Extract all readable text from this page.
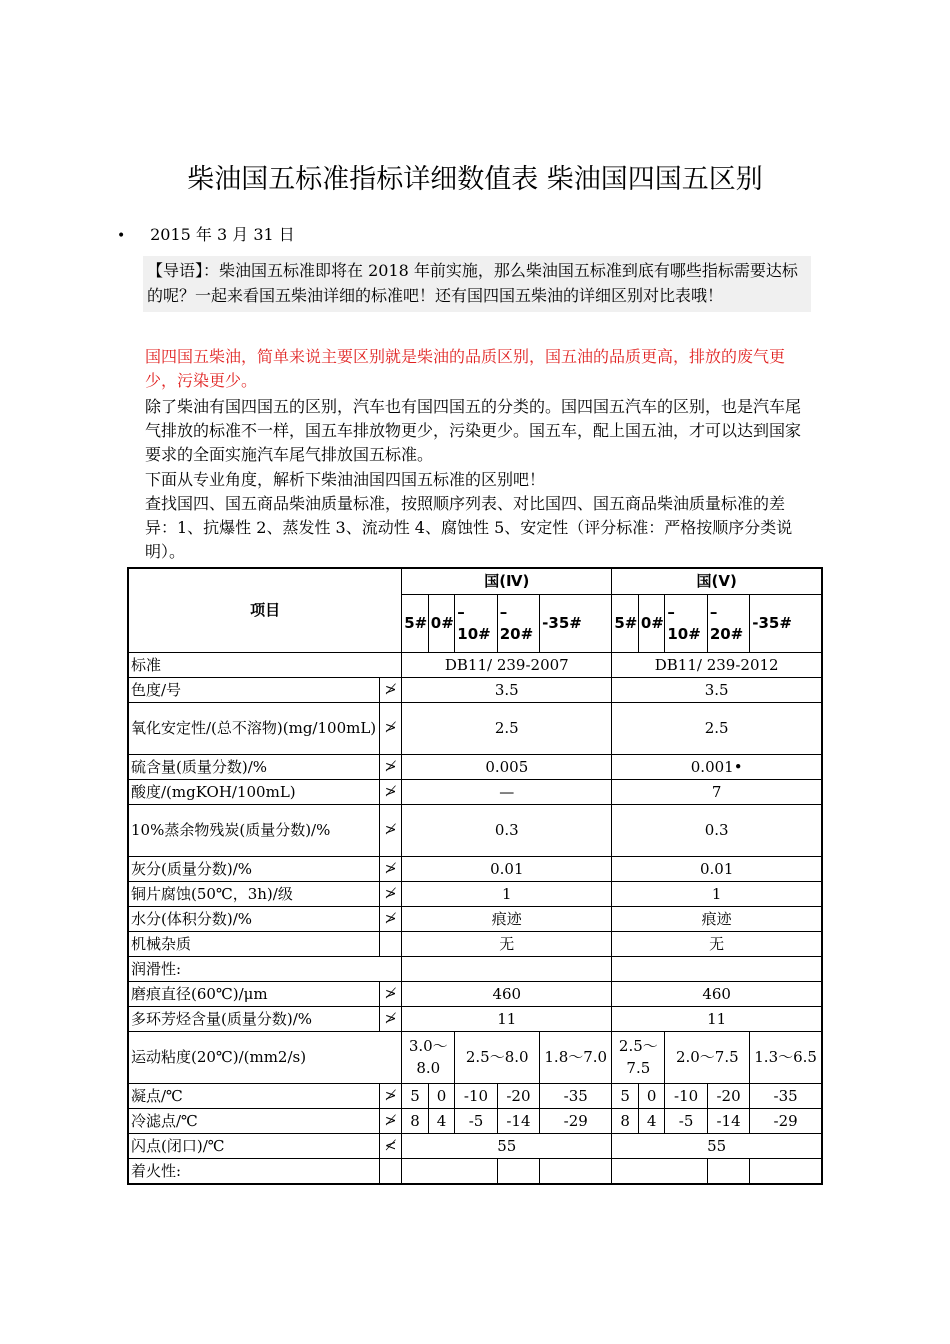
柴油国五标准指标详细数值表 柴油国四国五区别
• 2015 年 3 月 31 日
【导语】：柴油国五标准即将在 2018 年前实施，那么柴油国五标准到底有哪些指标需要达标的呢？一起来看国五柴油详细的标准吧！还有国四国五柴油的详细区别对比表哦！
国四国五柴油，简单来说主要区别就是柴油的品质区别，国五油的品质更高，排放的废气更少，污染更少。
除了柴油有国四国五的区别，汽车也有国四国五的分类的。国四国五汽车的区别，也是汽车尾气排放的标准不一样，国五车排放物更少，污染更少。国五车，配上国五油，才可以达到国家要求的全面实施汽车尾气排放国五标准。
下面从专业角度，解析下柴油油国四国五标准的区别吧！
查找国四、国五商品柴油质量标准，按照顺序列表、对比国四、国五商品柴油质量标准的差异：1、抗爆性 2、蒸发性 3、流动性 4、腐蚀性 5、安定性（评分标准：严格按顺序分类说明）。
项目		国(Ⅳ)					国(Ⅴ)				
		5#	0#	–10#	–20#	-35#	5#	0#	–10#	–20#	-35#
标准		DB11/ 239-2007					DB11/ 239-2012				
色度/号	≯	3.5					3.5				
氧化安定性/(总不溶物)(mg/100mL)	≯	2.5					2.5				
硫含量(质量分数)/%	≯	0.005					0.001•				
酸度/(mgKOH/100mL)	≯	—					7				
10%蒸余物残炭(质量分数)/%	≯	0.3					0.3				
灰分(质量分数)/%	≯	0.01					0.01				
铜片腐蚀(50℃，3h)/级	≯	1					1				
水分(体积分数)/%	≯	痕迹					痕迹				
机械杂质		无					无				
润滑性:											
磨痕直径(60℃)/μm	≯	460					460				
多环芳烃含量(质量分数)/%	≯	11					11				
运动粘度(20℃)/(mm2/s)		3.0～8.0		2.5～8.0		1.8～7.0	2.5～7.5		2.0～7.5		1.3～6.5
凝点/℃	≯	5	0	-10	-20	-35	5	0	-10	-20	-35
冷滤点/℃	≯	8	4	-5	-14	-29	8	4	-5	-14	-29
闪点(闭口)/℃	≮	55					55				
着火性:											
